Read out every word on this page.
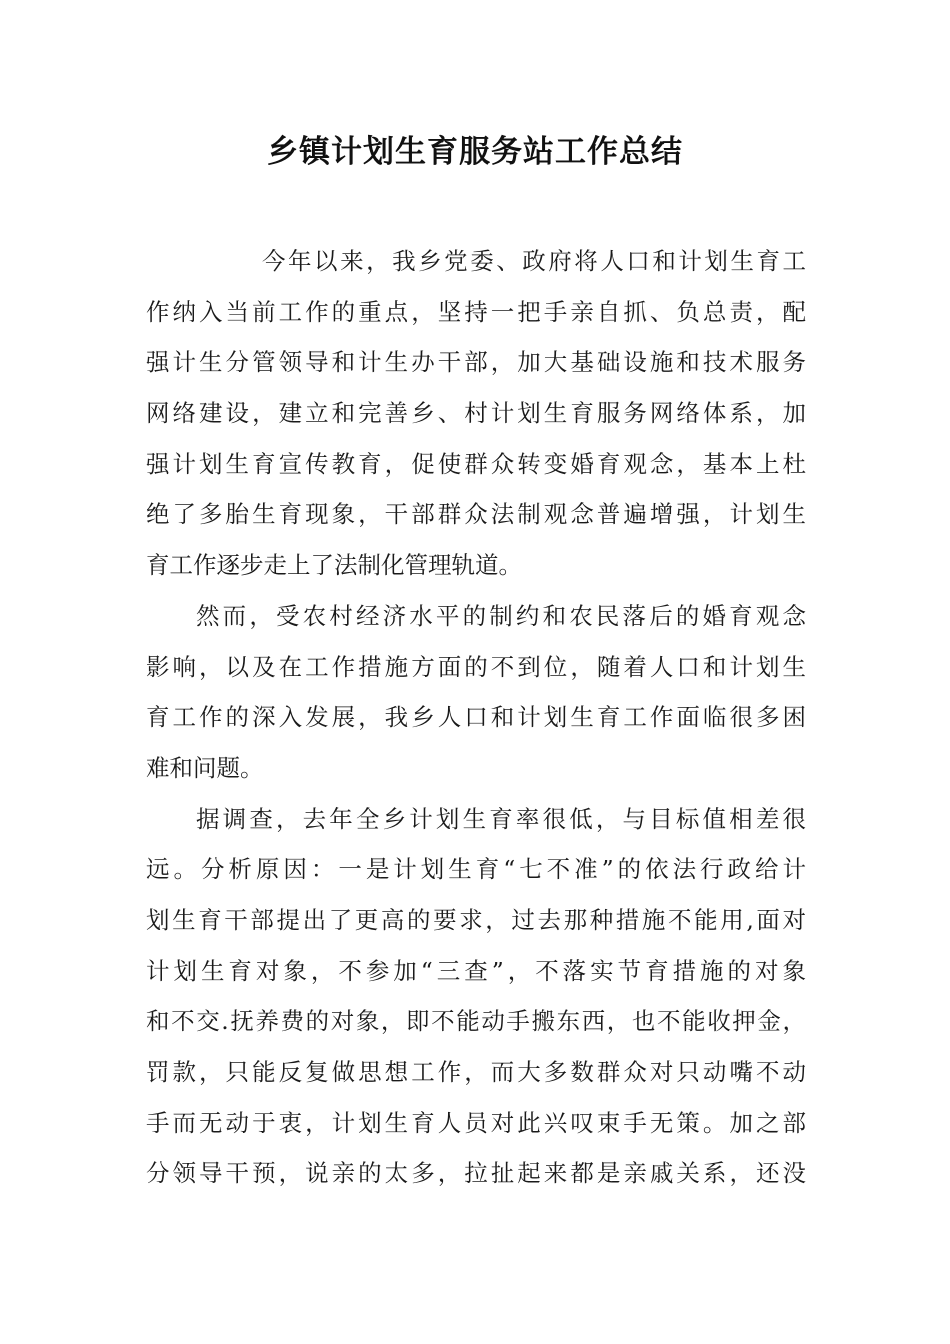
乡镇计划生育服务站工作总结
今年以来，我乡党委、政府将人口和计划生育工
作纳入当前工作的重点，坚持一把手亲自抓、负总责，配
强计生分管领导和计生办干部，加大基础设施和技术服务
网络建设，建立和完善乡、村计划生育服务网络体系，加
强计划生育宣传教育，促使群众转变婚育观念，基本上杜
绝了多胎生育现象，干部群众法制观念普遍增强，计划生
育工作逐步走上了法制化管理轨道。
然而，受农村经济水平的制约和农民落后的婚育观念
影响，以及在工作措施方面的不到位，随着人口和计划生
育工作的深入发展，我乡人口和计划生育工作面临很多困
难和问题。
据调查，去年全乡计划生育率很低，与目标值相差很
远。分析原因：一是计划生育“七不准”的依法行政给计
划生育干部提出了更高的要求，过去那种措施不能用,面对
计划生育对象，不参加“三查”，不落实节育措施的对象
和不交.抚养费的对象，即不能动手搬东西，也不能收押金，
罚款，只能反复做思想工作，而大多数群众对只动嘴不动
手而无动于衷，计划生育人员对此兴叹束手无策。加之部
分领导干预，说亲的太多，拉扯起来都是亲戚关系，还没
